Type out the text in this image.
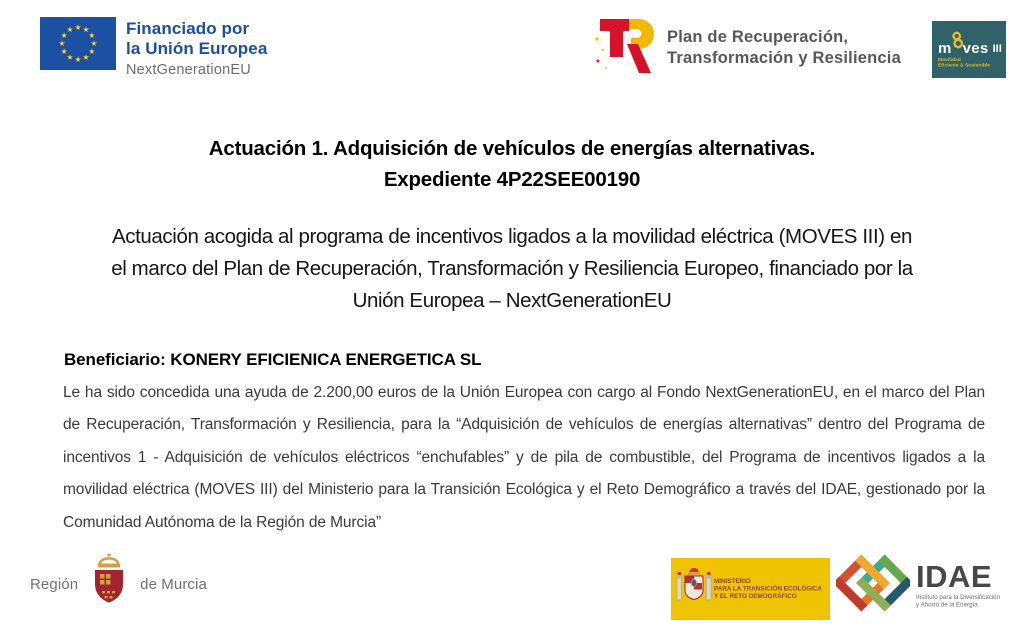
Financiado por
la Unión Europea
NextGenerationEU
Plan de Recuperación,
Transformación y Resiliencia
m ves III
Movilidad
Eficiente & Sostenible
Actuación 1. Adquisición de vehículos de energías alternativas.
Expediente 4P22SEE00190
Actuación acogida al programa de incentivos ligados a la movilidad eléctrica (MOVES III) en
el marco del Plan de Recuperación, Transformación y Resiliencia Europeo, financiado por la
Unión Europea – NextGenerationEU
Beneficiario: KONERY EFICIENICA ENERGETICA SL
Le ha sido concedida una ayuda de 2.200,00 euros de la Unión Europea con cargo al Fondo NextGenerationEU, en el marco del Plan de Recuperación, Transformación y Resiliencia, para la “Adquisición de vehículos de energías alternativas” dentro del Programa de incentivos 1 - Adquisición de vehículos eléctricos “enchufables” y de pila de combustible, del Programa de incentivos ligados a la movilidad eléctrica (MOVES III) del Ministerio para la Transición Ecológica y el Reto Demográfico a través del IDAE, gestionado por la Comunidad Autónoma de la Región de Murcia”
Región	de Murcia	MINISTERIO
PARA LA TRANSICIÓN ECOLÓGICA
Y EL RETO DEMOGRÁFICO
IDAE
Instituto para la Diversificación
y Ahorro de la Energía
